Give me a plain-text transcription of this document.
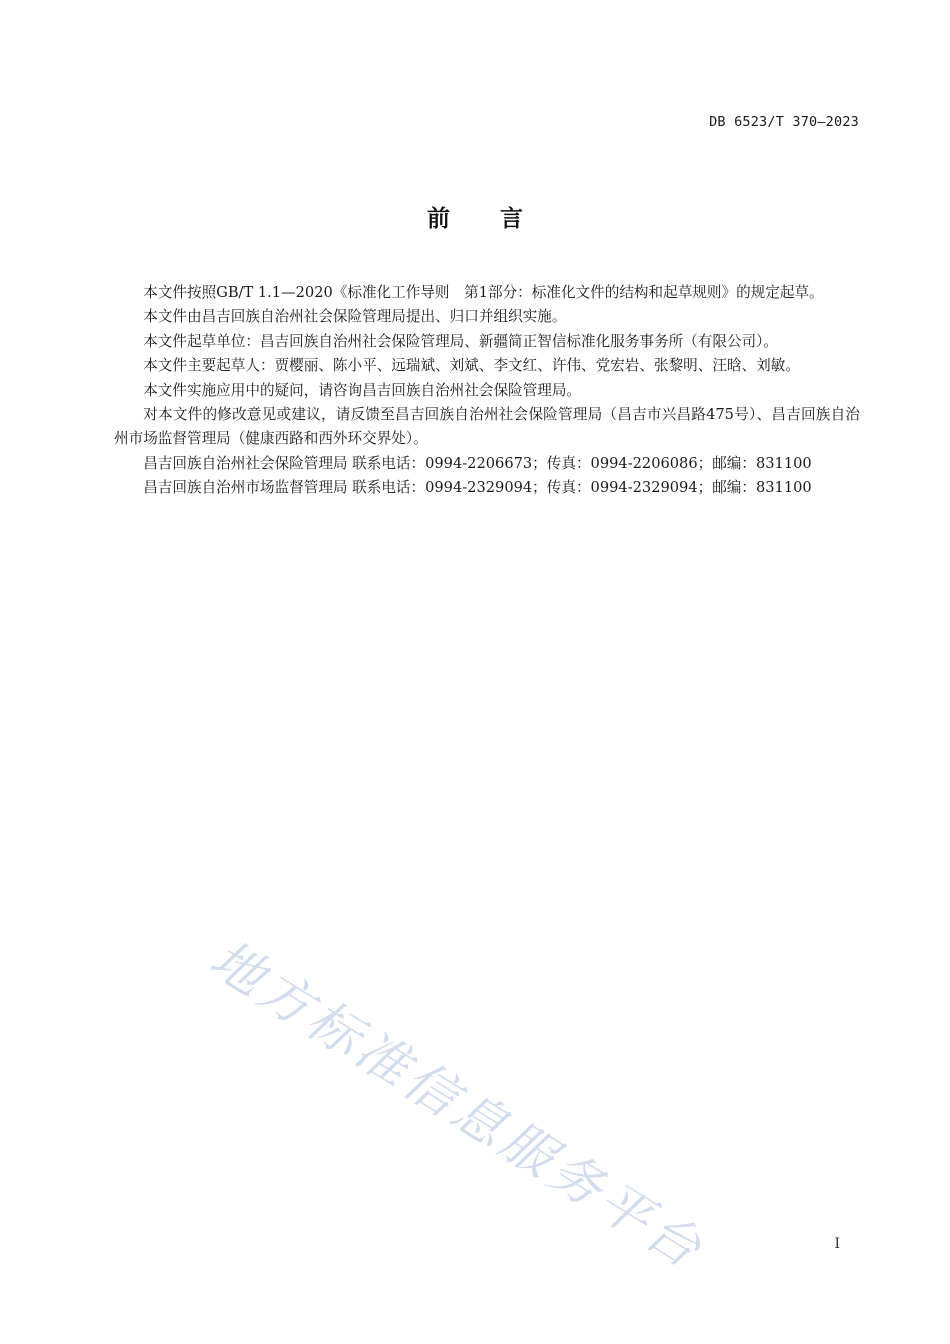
DB 6523/T 370—2023
前言

本文件按照GB/T 1.1—2020《标准化工作导则　第1部分：标准化文件的结构和起草规则》的规定起草。

本文件由昌吉回族自治州社会保险管理局提出、归口并组织实施。

本文件起草单位：昌吉回族自治州社会保险管理局、新疆简正智信标准化服务事务所（有限公司）。

本文件主要起草人：贾樱丽、陈小平、远瑞斌、刘斌、李文红、许伟、党宏岩、张黎明、汪晗、刘敏。

本文件实施应用中的疑问，请咨询昌吉回族自治州社会保险管理局。

对本文件的修改意见或建议，请反馈至昌吉回族自治州社会保险管理局（昌吉市兴昌路475号）、昌吉回族自治州市场监督管理局（健康西路和西外环交界处）。

昌吉回族自治州社会保险管理局 联系电话：0994-2206673；传真：0994-2206086；邮编：831100

昌吉回族自治州市场监督管理局 联系电话：0994-2329094；传真：0994-2329094；邮编：831100

地方标准信息服务平台	I
